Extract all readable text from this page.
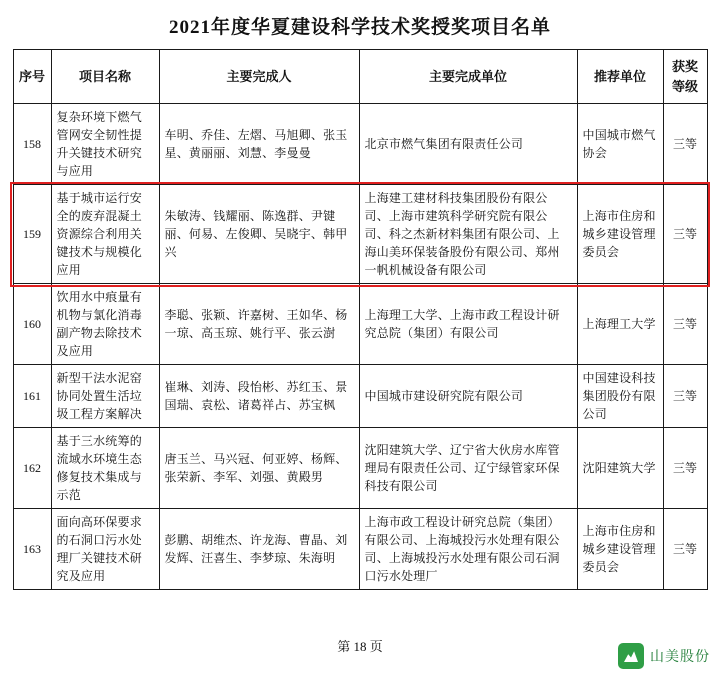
2021年度华夏建设科学技术奖授奖项目名单
序号	项目名称	主要完成人	主要完成单位	推荐单位	获奖等级
158	复杂环境下燃气管网安全韧性提升关键技术研究与应用	车明、乔佳、左熠、马旭卿、张玉星、黄丽丽、刘慧、李曼曼	北京市燃气集团有限责任公司	中国城市燃气协会	三等
159	基于城市运行安全的废弃混凝土资源综合利用关键技术与规模化应用	朱敏涛、钱耀丽、陈逸群、尹键丽、何易、左俊卿、吴晓宇、韩甲兴	上海建工建材科技集团股份有限公司、上海市建筑科学研究院有限公司、科之杰新材料集团有限公司、上海山美环保装备股份有限公司、郑州一帆机械设备有限公司	上海市住房和城乡建设管理委员会	三等
160	饮用水中痕量有机物与氯化消毒副产物去除技术及应用	李聪、张颖、许嘉树、王如华、杨一琼、高玉琼、姚行平、张云澍	上海理工大学、上海市政工程设计研究总院（集团）有限公司	上海理工大学	三等
161	新型干法水泥窑协同处置生活垃圾工程方案解决	崔琳、刘涛、段怡彬、苏红玉、景国瑞、袁松、诸葛祥占、苏宝枫	中国城市建设研究院有限公司	中国建设科技集团股份有限公司	三等
162	基于三水统筹的流域水环境生态修复技术集成与示范	唐玉兰、马兴冠、何亚婷、杨辉、张荣新、李军、刘强、黄殿男	沈阳建筑大学、辽宁省大伙房水库管理局有限责任公司、辽宁绿管家环保科技有限公司	沈阳建筑大学	三等
163	面向高环保要求的石洞口污水处理厂关键技术研究及应用	彭鹏、胡维杰、许龙海、曹晶、刘发辉、汪喜生、李梦琼、朱海明	上海市政工程设计研究总院（集团）有限公司、上海城投污水处理有限公司、上海城投污水处理有限公司石洞口污水处理厂	上海市住房和城乡建设管理委员会	三等
第 18 页
山美股份
